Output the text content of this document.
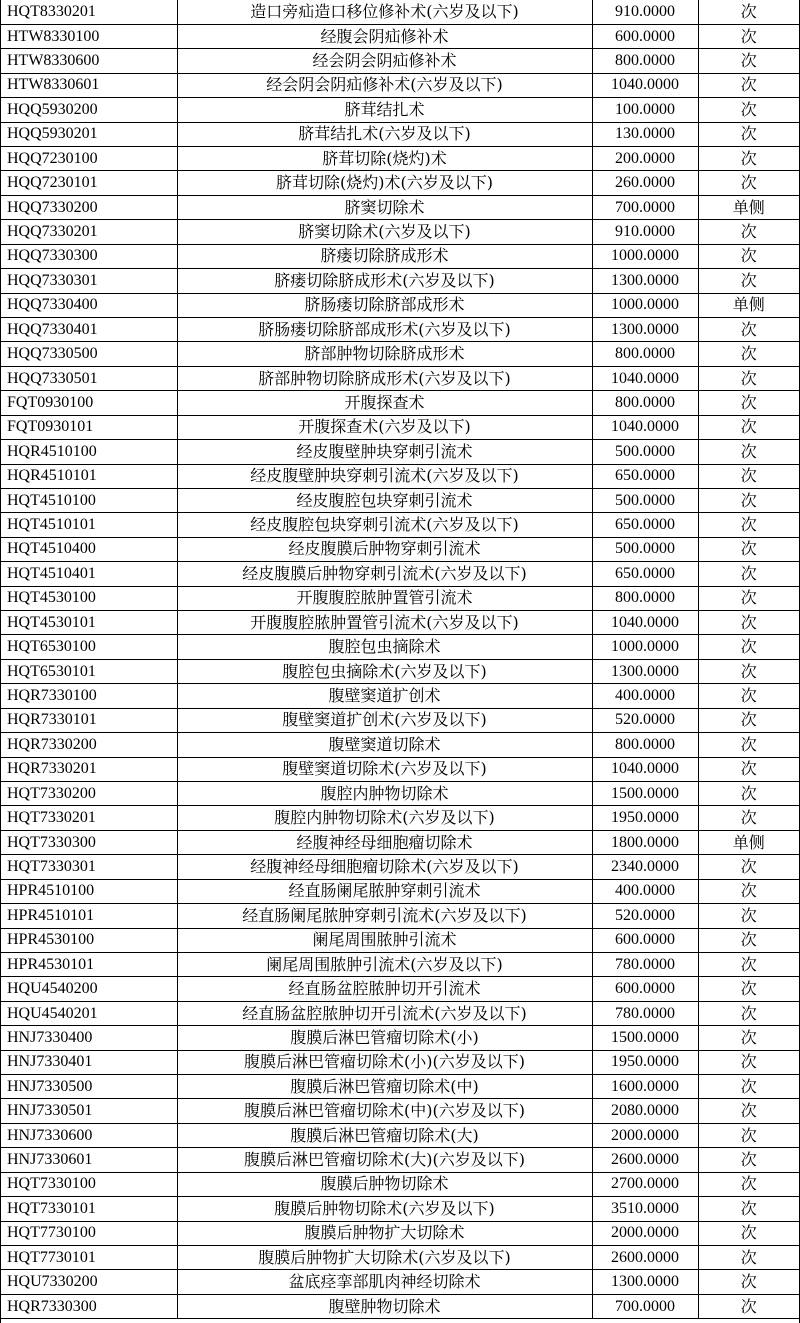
HQT8330201	造口旁疝造口移位修补术(六岁及以下)	910.0000	次
HTW8330100	经腹会阴疝修补术	600.0000	次
HTW8330600	经会阴会阴疝修补术	800.0000	次
HTW8330601	经会阴会阴疝修补术(六岁及以下)	1040.0000	次
HQQ5930200	脐茸结扎术	100.0000	次
HQQ5930201	脐茸结扎术(六岁及以下)	130.0000	次
HQQ7230100	脐茸切除(烧灼)术	200.0000	次
HQQ7230101	脐茸切除(烧灼)术(六岁及以下)	260.0000	次
HQQ7330200	脐窦切除术	700.0000	单侧
HQQ7330201	脐窦切除术(六岁及以下)	910.0000	次
HQQ7330300	脐瘘切除脐成形术	1000.0000	次
HQQ7330301	脐瘘切除脐成形术(六岁及以下)	1300.0000	次
HQQ7330400	脐肠瘘切除脐部成形术	1000.0000	单侧
HQQ7330401	脐肠瘘切除脐部成形术(六岁及以下)	1300.0000	次
HQQ7330500	脐部肿物切除脐成形术	800.0000	次
HQQ7330501	脐部肿物切除脐成形术(六岁及以下)	1040.0000	次
FQT0930100	开腹探查术	800.0000	次
FQT0930101	开腹探查术(六岁及以下)	1040.0000	次
HQR4510100	经皮腹壁肿块穿刺引流术	500.0000	次
HQR4510101	经皮腹壁肿块穿刺引流术(六岁及以下)	650.0000	次
HQT4510100	经皮腹腔包块穿刺引流术	500.0000	次
HQT4510101	经皮腹腔包块穿刺引流术(六岁及以下)	650.0000	次
HQT4510400	经皮腹膜后肿物穿刺引流术	500.0000	次
HQT4510401	经皮腹膜后肿物穿刺引流术(六岁及以下)	650.0000	次
HQT4530100	开腹腹腔脓肿置管引流术	800.0000	次
HQT4530101	开腹腹腔脓肿置管引流术(六岁及以下)	1040.0000	次
HQT6530100	腹腔包虫摘除术	1000.0000	次
HQT6530101	腹腔包虫摘除术(六岁及以下)	1300.0000	次
HQR7330100	腹壁窦道扩创术	400.0000	次
HQR7330101	腹壁窦道扩创术(六岁及以下)	520.0000	次
HQR7330200	腹壁窦道切除术	800.0000	次
HQR7330201	腹壁窦道切除术(六岁及以下)	1040.0000	次
HQT7330200	腹腔内肿物切除术	1500.0000	次
HQT7330201	腹腔内肿物切除术(六岁及以下)	1950.0000	次
HQT7330300	经腹神经母细胞瘤切除术	1800.0000	单侧
HQT7330301	经腹神经母细胞瘤切除术(六岁及以下)	2340.0000	次
HPR4510100	经直肠阑尾脓肿穿刺引流术	400.0000	次
HPR4510101	经直肠阑尾脓肿穿刺引流术(六岁及以下)	520.0000	次
HPR4530100	阑尾周围脓肿引流术	600.0000	次
HPR4530101	阑尾周围脓肿引流术(六岁及以下)	780.0000	次
HQU4540200	经直肠盆腔脓肿切开引流术	600.0000	次
HQU4540201	经直肠盆腔脓肿切开引流术(六岁及以下)	780.0000	次
HNJ7330400	腹膜后淋巴管瘤切除术(小)	1500.0000	次
HNJ7330401	腹膜后淋巴管瘤切除术(小)(六岁及以下)	1950.0000	次
HNJ7330500	腹膜后淋巴管瘤切除术(中)	1600.0000	次
HNJ7330501	腹膜后淋巴管瘤切除术(中)(六岁及以下)	2080.0000	次
HNJ7330600	腹膜后淋巴管瘤切除术(大)	2000.0000	次
HNJ7330601	腹膜后淋巴管瘤切除术(大)(六岁及以下)	2600.0000	次
HQT7330100	腹膜后肿物切除术	2700.0000	次
HQT7330101	腹膜后肿物切除术(六岁及以下)	3510.0000	次
HQT7730100	腹膜后肿物扩大切除术	2000.0000	次
HQT7730101	腹膜后肿物扩大切除术(六岁及以下)	2600.0000	次
HQU7330200	盆底痉挛部肌肉神经切除术	1300.0000	次
HQR7330300	腹壁肿物切除术	700.0000	次
